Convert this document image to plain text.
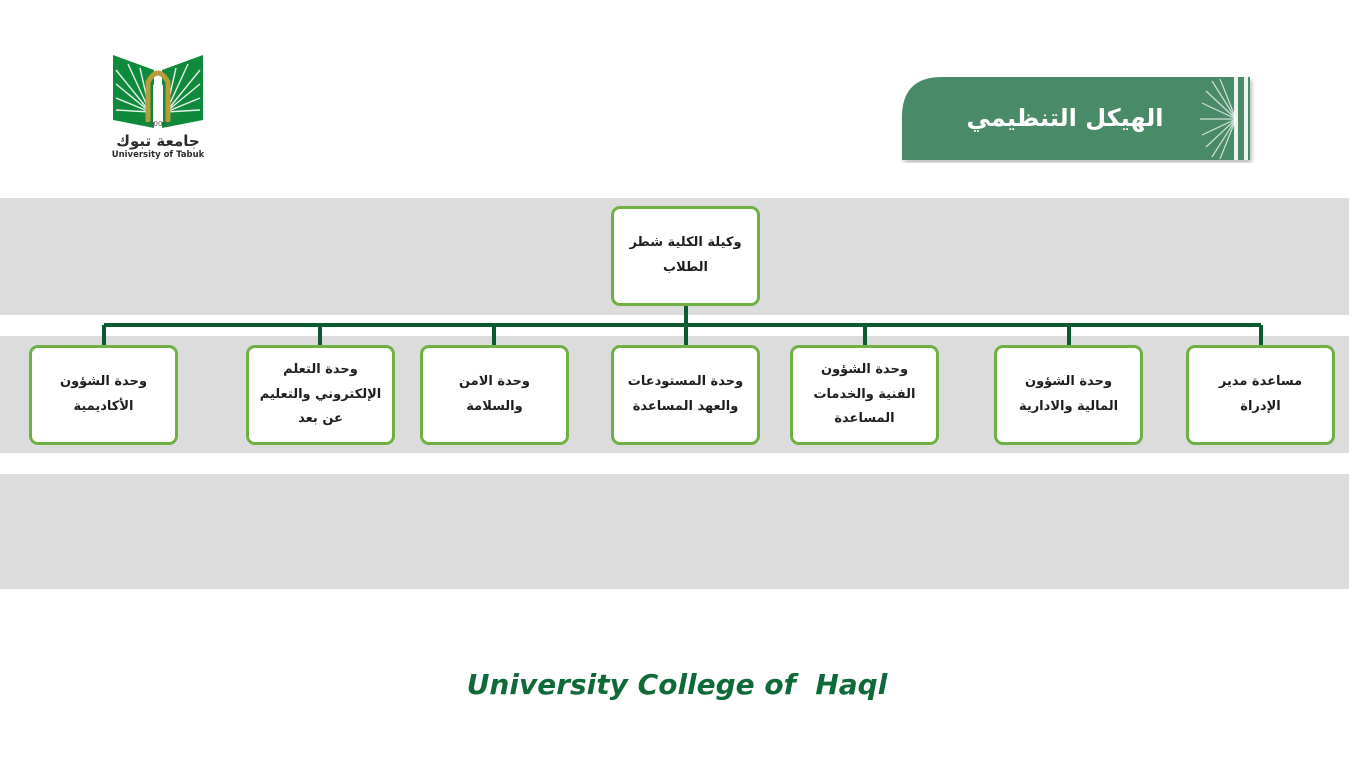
2006
جامعة تبوك
University of Tabuk
الهيكل التنظيمي
وكيلة الكلية شطر الطلاب
مساعدة مدير الإدراة
وحدة الشؤون المالية والادارية
وحدة الشؤون الفنية والخدمات المساعدة
وحدة المستودعات والعهد المساعدة
وحدة الامن والسلامة
وحدة التعلم الإلكتروني والتعليم عن بعد
وحدة الشؤون الأكاديمية
University College of  Haql
